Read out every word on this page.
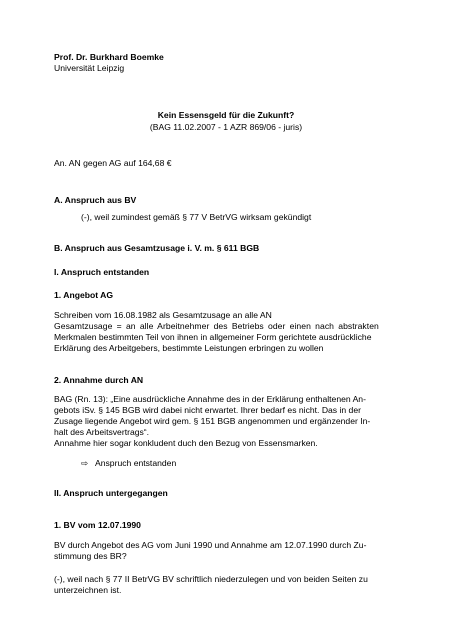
Prof. Dr. Burkhard Boemke
Universität Leipzig
Kein Essensgeld für die Zukunft?
(BAG 11.02.2007 - 1 AZR 869/06 - juris)
An. AN gegen AG auf 164,68 €
A. Anspruch aus BV
(-), weil zumindest gemäß § 77 V BetrVG wirksam gekündigt
B. Anspruch aus Gesamtzusage i. V. m. § 611 BGB
I. Anspruch entstanden
1. Angebot AG
Schreiben vom 16.08.1982 als Gesamtzusage an alle AN
Gesamtzusage = an alle Arbeitnehmer des Betriebs oder einen nach abstrakten
Merkmalen bestimmten Teil von ihnen in allgemeiner Form gerichtete ausdrückliche
Erklärung des Arbeitgebers, bestimmte Leistungen erbringen zu wollen
2. Annahme durch AN
BAG (Rn. 13): „Eine ausdrückliche Annahme des in der Erklärung enthaltenen An-
gebots iSv. § 145 BGB wird dabei nicht erwartet. Ihrer bedarf es nicht. Das in der
Zusage liegende Angebot wird gem. § 151 BGB angenommen und ergänzender In-
halt des Arbeitsvertrags“.
Annahme hier sogar konkludent duch den Bezug von Essensmarken.
⇨ Anspruch entstanden
II. Anspruch untergegangen
1. BV vom 12.07.1990
BV durch Angebot des AG vom Juni 1990 und Annahme am 12.07.1990 durch Zu-
stimmung des BR?
(-), weil nach § 77 II BetrVG BV schriftlich niederzulegen und von beiden Seiten zu
unterzeichnen ist.
